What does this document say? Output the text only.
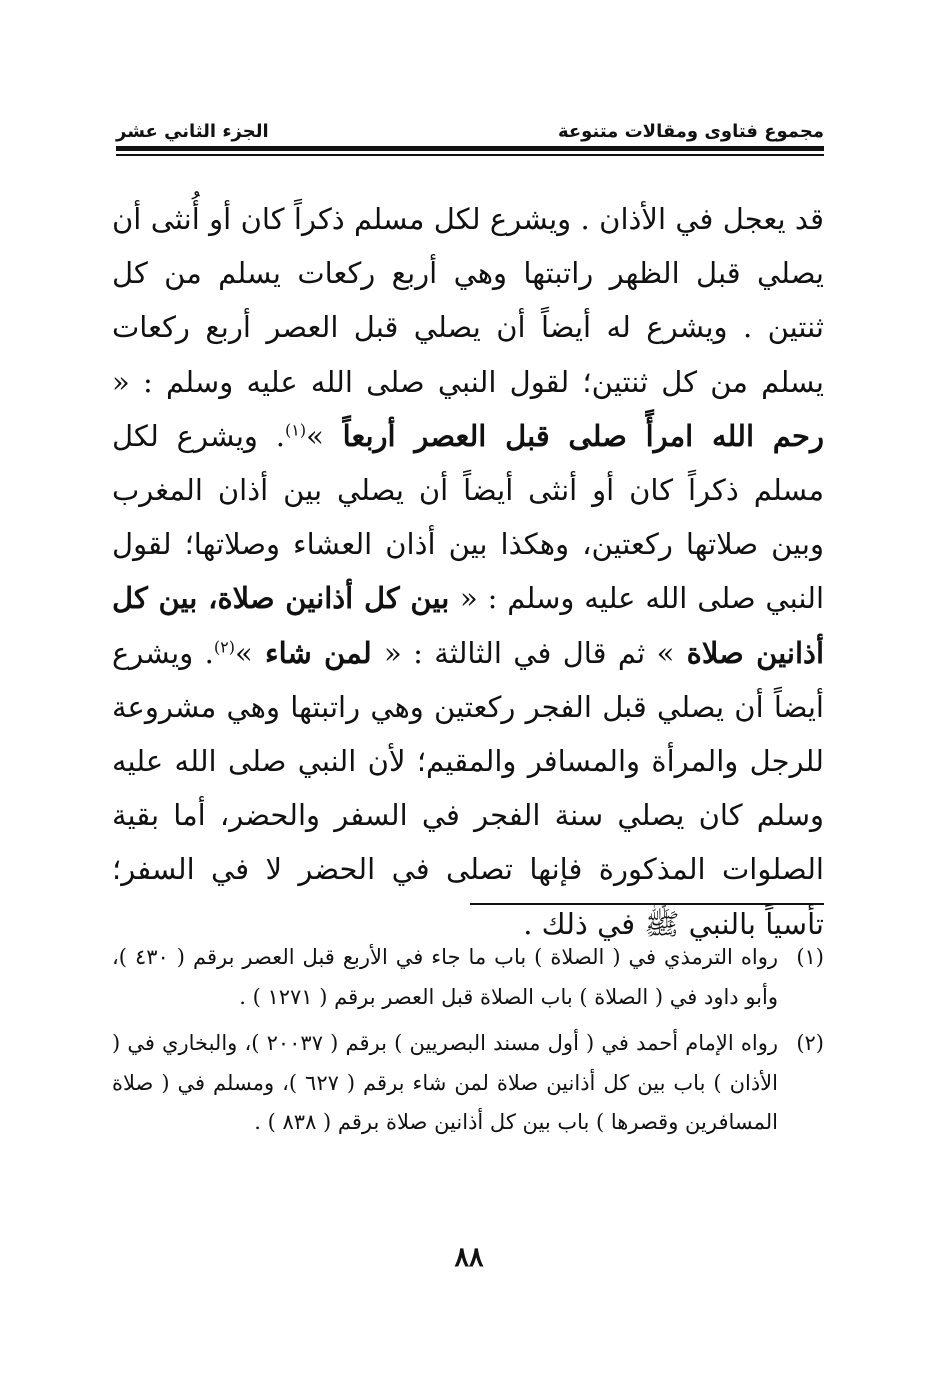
مجموع فتاوى ومقالات متنوعة
الجزء الثاني عشر

قد يعجل في الأذان . ويشرع لكل مسلم ذكراً كان أو أُنثى أن يصلي قبل الظهر راتبتها وهي أربع ركعات يسلم من كل ثنتين . ويشرع له أيضاً أن يصلي قبل العصر أربع ركعات يسلم من كل ثنتين؛ لقول النبي صلى الله عليه وسلم : « رحم الله امرأً صلى قبل العصر أربعاً »$^{(١)}$. ويشرع لكل مسلم ذكراً كان أو أنثى أيضاً أن يصلي بين أذان المغرب وبين صلاتها ركعتين، وهكذا بين أذان العشاء وصلاتها؛ لقول النبي صلى الله عليه وسلم : « بين كل أذانين صلاة، بين كل أذانين صلاة » ثم قال في الثالثة : « لمن شاء »$^{(٢)}$. ويشرع أيضاً أن يصلي قبل الفجر ركعتين وهي راتبتها وهي مشروعة للرجل والمرأة والمسافر والمقيم؛ لأن النبي صلى الله عليه وسلم كان يصلي سنة الفجر في السفر والحضر، أما بقية الصلوات المذكورة فإنها تصلى في الحضر لا في السفر؛ تأسياً بالنبي ﷺ في ذلك .

(١)
رواه الترمذي في ( الصلاة ) باب ما جاء في الأربع قبل العصر برقم ( ٤٣٠ )، وأبو داود في ( الصلاة ) باب الصلاة قبل العصر برقم ( ١٢٧١ ) .
(٢)
رواه الإمام أحمد في ( أول مسند البصريين ) برقم ( ٢٠٠٣٧ )، والبخاري في ( الأذان ) باب بين كل أذانين صلاة لمن شاء برقم ( ٦٢٧ )، ومسلم في ( صلاة المسافرين وقصرها ) باب بين كل أذانين صلاة برقم ( ٨٣٨ ) .
٨٨
